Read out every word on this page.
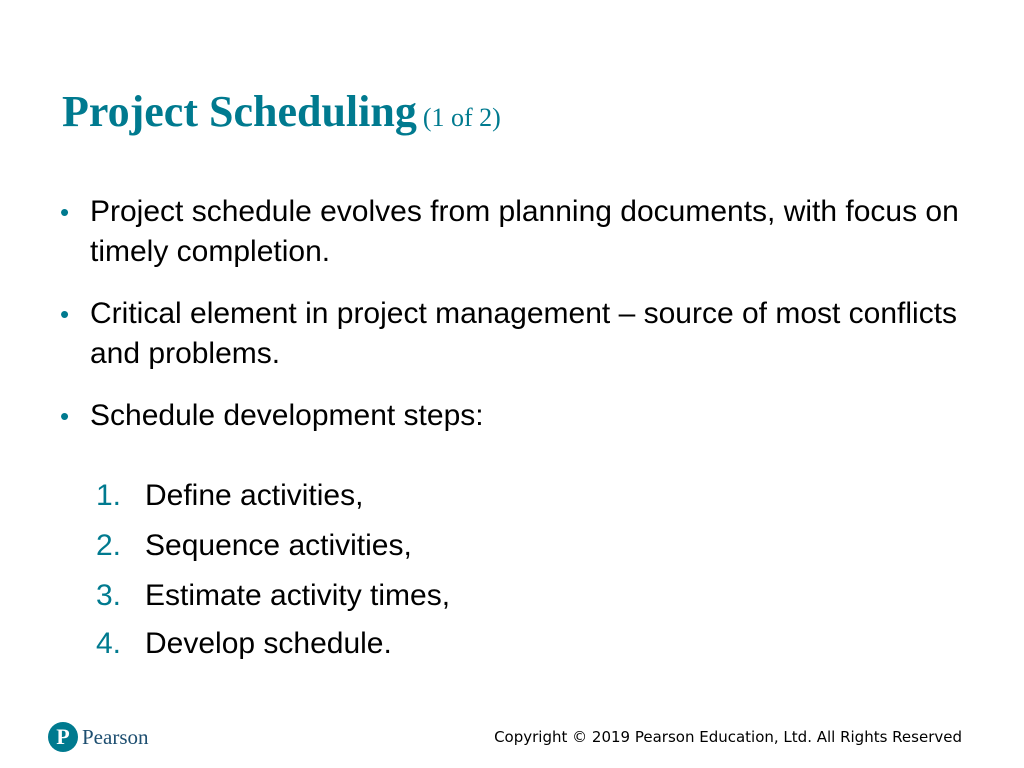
Project Scheduling (1 of 2)
• Project schedule evolves from planning documents, with focus on timely completion.
• Critical element in project management – source of most conflicts and problems.
• Schedule development steps:
1. Define activities,
2. Sequence activities,
3. Estimate activity times,
4. Develop schedule.
P Pearson	Copyright © 2019 Pearson Education, Ltd. All Rights Reserved
